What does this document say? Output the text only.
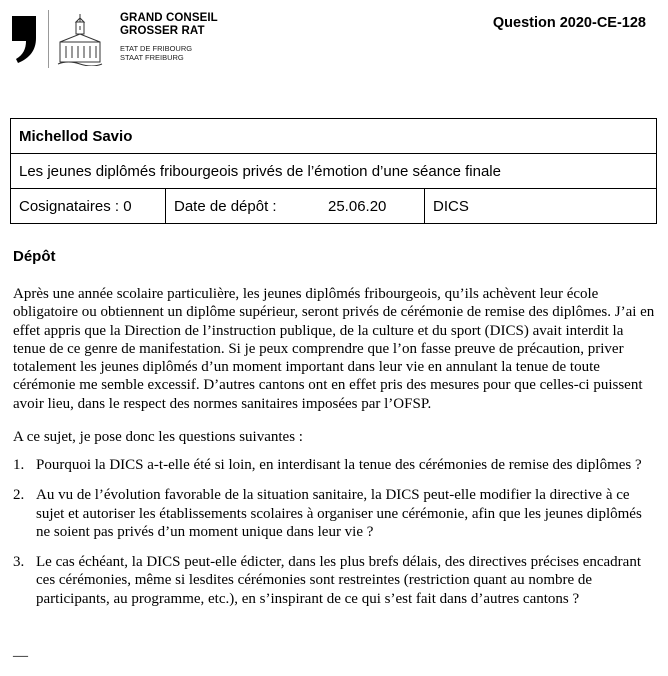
GRAND CONSEIL
GROSSER RAT
ETAT DE FRIBOURG
STAAT FREIBURG
Question 2020-CE-128
Michellod Savio
Les jeunes diplômés fribourgeois privés de l’émotion d’une séance finale
Cosignataires : 0	Date de dépôt :	25.06.20	DICS
Dépôt
Après une année scolaire particulière, les jeunes diplômés fribourgeois, qu’ils achèvent leur école obligatoire ou obtiennent un diplôme supérieur, seront privés de cérémonie de remise des diplômes. J’ai en effet appris que la Direction de l’instruction publique, de la culture et du sport (DICS) avait interdit la tenue de ce genre de manifestation. Si je peux comprendre que l’on fasse preuve de précaution, priver totalement les jeunes diplômés d’un moment important dans leur vie en annulant la tenue de toute cérémonie me semble excessif. D’autres cantons ont en effet pris des mesures pour que celles-ci puissent avoir lieu, dans le respect des normes sanitaires imposées par l’OFSP.
A ce sujet, je pose donc les questions suivantes :
1. Pourquoi la DICS a-t-elle été si loin, en interdisant la tenue des cérémonies de remise des diplômes ?
2. Au vu de l’évolution favorable de la situation sanitaire, la DICS peut-elle modifier la directive à ce sujet et autoriser les établissements scolaires à organiser une cérémonie, afin que les jeunes diplômés ne soient pas privés d’un moment unique dans leur vie ?
3. Le cas échéant, la DICS peut-elle édicter, dans les plus brefs délais, des directives précises encadrant ces cérémonies, même si lesdites cérémonies sont restreintes (restriction quant au nombre de participants, au programme, etc.), en s’inspirant de ce qui s’est fait dans d’autres cantons ?
—
